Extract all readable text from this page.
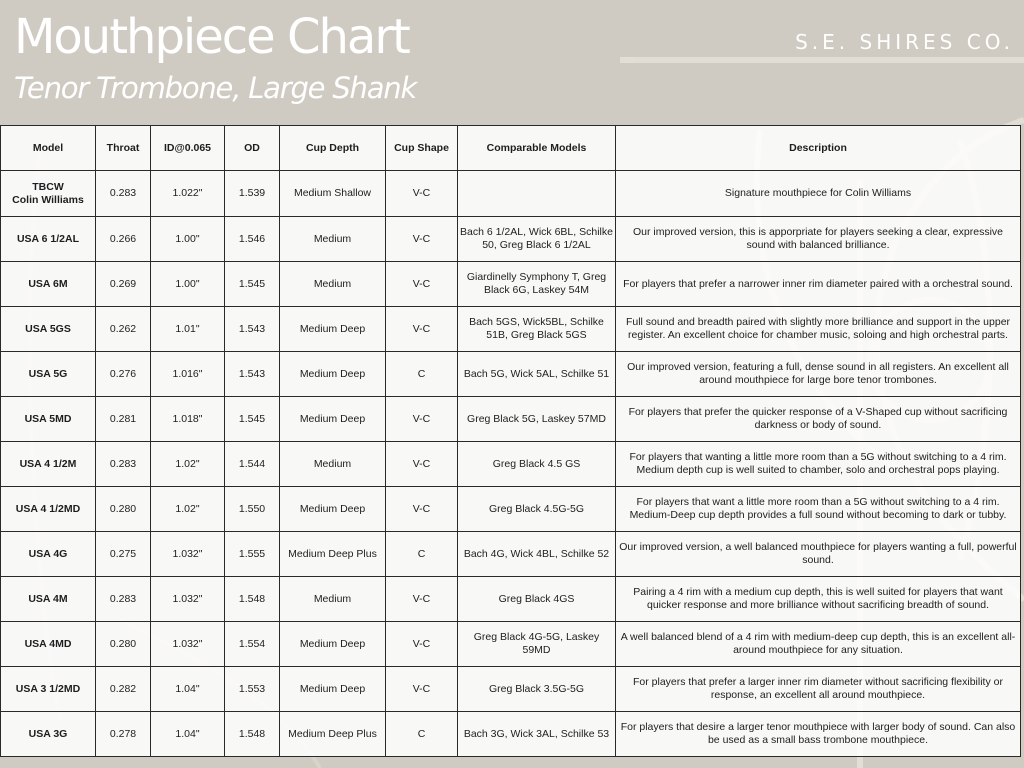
Mouthpiece Chart
Tenor Trombone, Large Shank
S.E. SHIRES CO.
Model	Throat	ID@0.065	OD	Cup Depth	Cup Shape	Comparable Models	Description

TBCW
Colin Williams	0.283	1.022"	1.539	Medium Shallow	V-C		Signature mouthpiece for Colin Williams

USA 6 1/2AL	0.266	1.00"	1.546	Medium	V-C	Bach 6 1/2AL, Wick 6BL, Schilke 50, Greg Black 6 1/2AL	Our improved version, this is apporpriate for players seeking a clear, expressive sound with balanced brilliance.

USA 6M	0.269	1.00"	1.545	Medium	V-C	Giardinelly Symphony T, Greg Black 6G, Laskey 54M	For players that prefer a narrower inner rim diameter paired with a orchestral sound.

USA 5GS	0.262	1.01"	1.543	Medium Deep	V-C	Bach 5GS, Wick5BL, Schilke 51B, Greg Black 5GS	Full sound and breadth paired with slightly more brilliance and support in the upper register. An excellent choice for chamber music, soloing and high orchestral parts.

USA 5G	0.276	1.016"	1.543	Medium Deep	C	Bach 5G, Wick 5AL, Schilke 51	Our improved version, featuring a full, dense sound in all registers. An excellent all around mouthpiece for large bore tenor trombones.

USA 5MD	0.281	1.018"	1.545	Medium Deep	V-C	Greg Black 5G, Laskey 57MD	For players that prefer the quicker response of a V-Shaped cup without sacrificing darkness or body of sound.

USA 4 1/2M	0.283	1.02"	1.544	Medium	V-C	Greg Black 4.5 GS	For players that wanting a little more room than a 5G without switching to a 4 rim. Medium depth cup is well suited to chamber, solo and orchestral pops playing.

USA 4 1/2MD	0.280	1.02"	1.550	Medium Deep	V-C	Greg Black 4.5G-5G	For players that want a little more room than a 5G without switching to a 4 rim. Medium-Deep cup depth provides a full sound without becoming to dark or tubby.

USA 4G	0.275	1.032"	1.555	Medium Deep Plus	C	Bach 4G, Wick 4BL, Schilke 52	Our improved version, a well balanced mouthpiece for players wanting a full, powerful sound.

USA 4M	0.283	1.032"	1.548	Medium	V-C	Greg Black 4GS	Pairing a 4 rim with a medium cup depth, this is well suited for players that want quicker response and more brilliance without sacrificing breadth of sound.

USA 4MD	0.280	1.032"	1.554	Medium Deep	V-C	Greg Black 4G-5G, Laskey 59MD	A well balanced blend of a 4 rim with medium-deep cup depth, this is an excellent all-around mouthpiece for any situation.

USA 3 1/2MD	0.282	1.04"	1.553	Medium Deep	V-C	Greg Black 3.5G-5G	For players that prefer a larger inner rim diameter without sacrificing flexibility or response, an excellent all around mouthpiece.

USA 3G	0.278	1.04"	1.548	Medium Deep Plus	C	Bach 3G, Wick 3AL, Schilke 53	For players that desire a larger tenor mouthpiece with larger body of sound. Can also be used as a small bass trombone mouthpiece.
